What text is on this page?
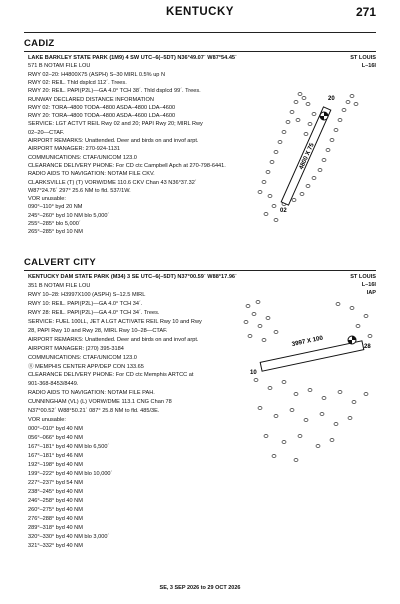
KENTUCKY	271
CADIZ
ST LOUIS
L–16I
LAKE BARKLEY STATE PARK (1M9) 4 SW UTC–6(–5DT) N36°49.07´ W87°54.45´
571 B NOTAM FILE LOU
RWY 02–20: H4800X75 (ASPH) S–30 MIRL 0.5% up N
RWY 02: REIL. Thld dsplcd 112´. Trees.
RWY 20: REIL. PAPI(P2L)—GA 4.0° TCH 38´. Thld dsplcd 99´. Trees.
RUNWAY DECLARED DISTANCE INFORMATION
RWY 02: TORA–4800 TODA–4800 ASDA–4800 LDA–4600
RWY 20: TORA–4800 TODA–4800 ASDA–4600 LDA–4600
SERVICE: LGT ACTVT REIL Rwy 02 and 20; PAPI Rwy 20; MIRL Rwy
02–20—CTAF.
AIRPORT REMARKS: Unattended. Deer and birds on and invof arpt.
AIRPORT MANAGER: 270-924-1131
COMMUNICATIONS: CTAF/UNICOM 123.0
CLEARANCE DELIVERY PHONE: For CD ctc Campbell Apch at 270-798-6441.
RADIO AIDS TO NAVIGATION: NOTAM FILE CKV.
CLARKSVILLE (T) (T) VORW/DME 110.6 CKV Chan 43 N36°37.32´
W87°24.76´ 297° 25.6 NM to fld. 537/1W.
VOR unusable:
090°–110° byd 20 NM
245°–260° byd 10 NM blo 5,000´
255°–285° blo 5,000´
265°–285° byd 10 NM
4800 X 75
02
20
CALVERT CITY
ST LOUIS
L–16I
IAP
KENTUCKY DAM STATE PARK (M34) 3 SE UTC–6(–5DT) N37°00.59´ W88°17.96´
351 B NOTAM FILE LOU
RWY 10–28: H3997X100 (ASPH) S–12.5 MIRL
RWY 10: REIL. PAPI(P2L)—GA 4.0° TCH 34´.
RWY 28: REIL. PAPI(P2L)—GA 4.0° TCH 34´. Trees.
SERVICE: FUEL 100LL, JET A LGT ACTIVATE REIL Rwy 10 and Rwy
28, PAPI Rwy 10 and Rwy 28, MIRL Rwy 10–28—CTAF.
AIRPORT REMARKS: Unattended. Deer and birds on and invof arpt.
AIRPORT MANAGER: (270) 395-3184
COMMUNICATIONS: CTAF/UNICOM 123.0
Ⓡ MEMPHIS CENTER APP/DEP CON 133.65
CLEARANCE DELIVERY PHONE: For CD ctc Memphis ARTCC at
901-368-8453/8449.
RADIO AIDS TO NAVIGATION: NOTAM FILE PAH.
CUNNINGHAM (VL) (L) VORW/DME 113.1 CNG Chan 78
N37°00.52´ W88°50.21´ 087° 25.8 NM to fld. 485/3E.
VOR unusable:
000°–010° byd 40 NM
056°–066° byd 40 NM
167°–181° byd 40 NM blo 6,500´
167°–181° byd 46 NM
192°–198° byd 40 NM
199°–222° byd 40 NM blo 10,000´
227°–237° byd 54 NM
238°–245° byd 40 NM
246°–258° byd 40 NM
260°–275° byd 40 NM
276°–288° byd 40 NM
289°–318° byd 40 NM
320°–330° byd 40 NM blo 3,000´
321°–332° byd 40 NM
3997 X 100
10
28
SE, 3 SEP 2026 to 29 OCT 2026
